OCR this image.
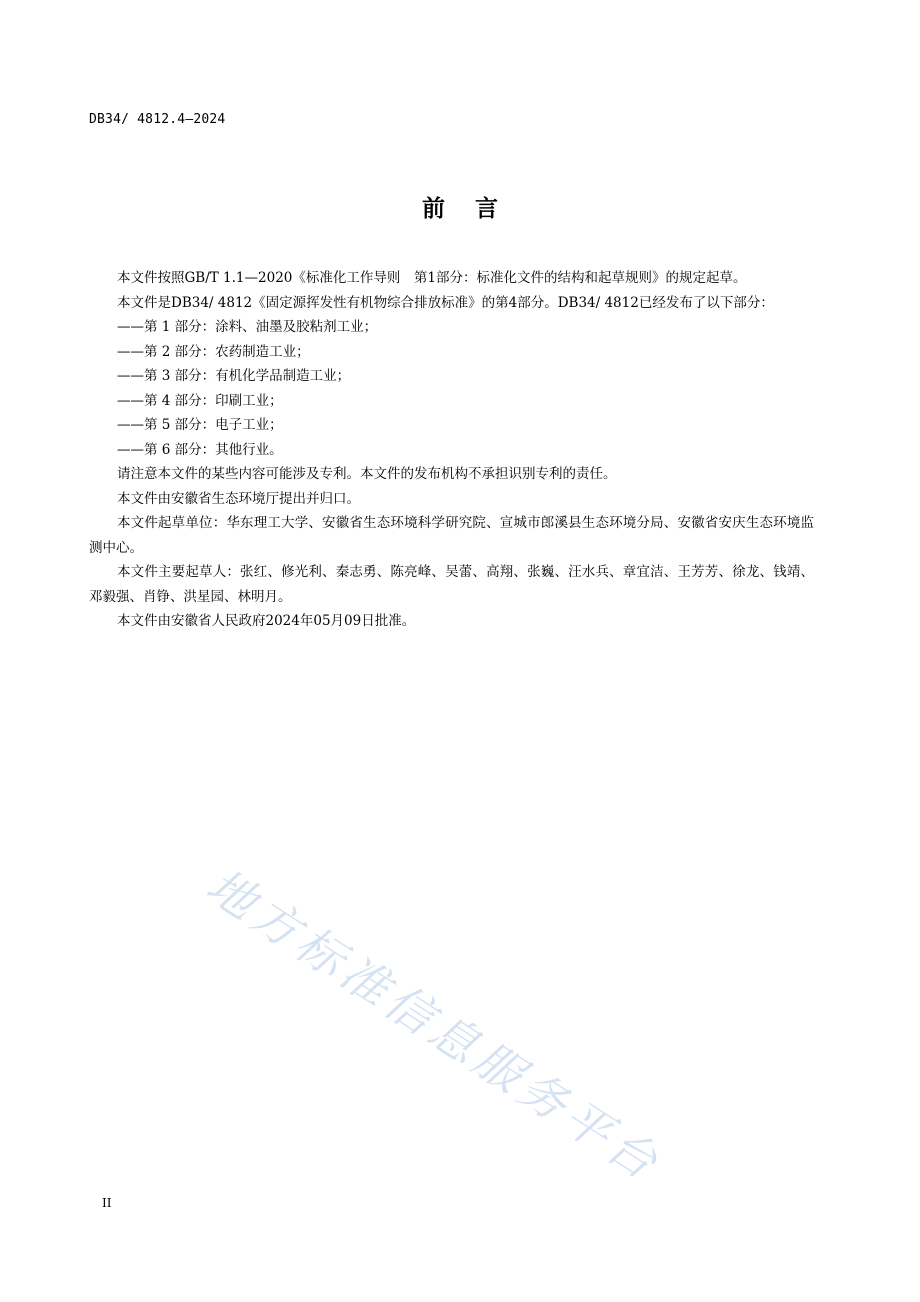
DB34/ 4812.4—2024
前言

本文件按照GB/T 1.1—2020《标准化工作导则　第1部分：标准化文件的结构和起草规则》的规定起草。

本文件是DB34/ 4812《固定源挥发性有机物综合排放标准》的第4部分。DB34/ 4812已经发布了以下部分：

——第 1 部分：涂料、油墨及胶粘剂工业；

——第 2 部分：农药制造工业；

——第 3 部分：有机化学品制造工业；

——第 4 部分：印刷工业；

——第 5 部分：电子工业；

——第 6 部分：其他行业。

请注意本文件的某些内容可能涉及专利。本文件的发布机构不承担识别专利的责任。

本文件由安徽省生态环境厅提出并归口。

本文件起草单位：华东理工大学、安徽省生态环境科学研究院、宣城市郎溪县生态环境分局、安徽省安庆生态环境监测中心。

本文件主要起草人：张红、修光利、秦志勇、陈亮峰、吴蕾、高翔、张巍、汪水兵、章宜洁、王芳芳、徐龙、钱靖、邓毅强、肖铮、洪星园、林明月。

本文件由安徽省人民政府2024年05月09日批准。

地方标准信息服务平台
II
